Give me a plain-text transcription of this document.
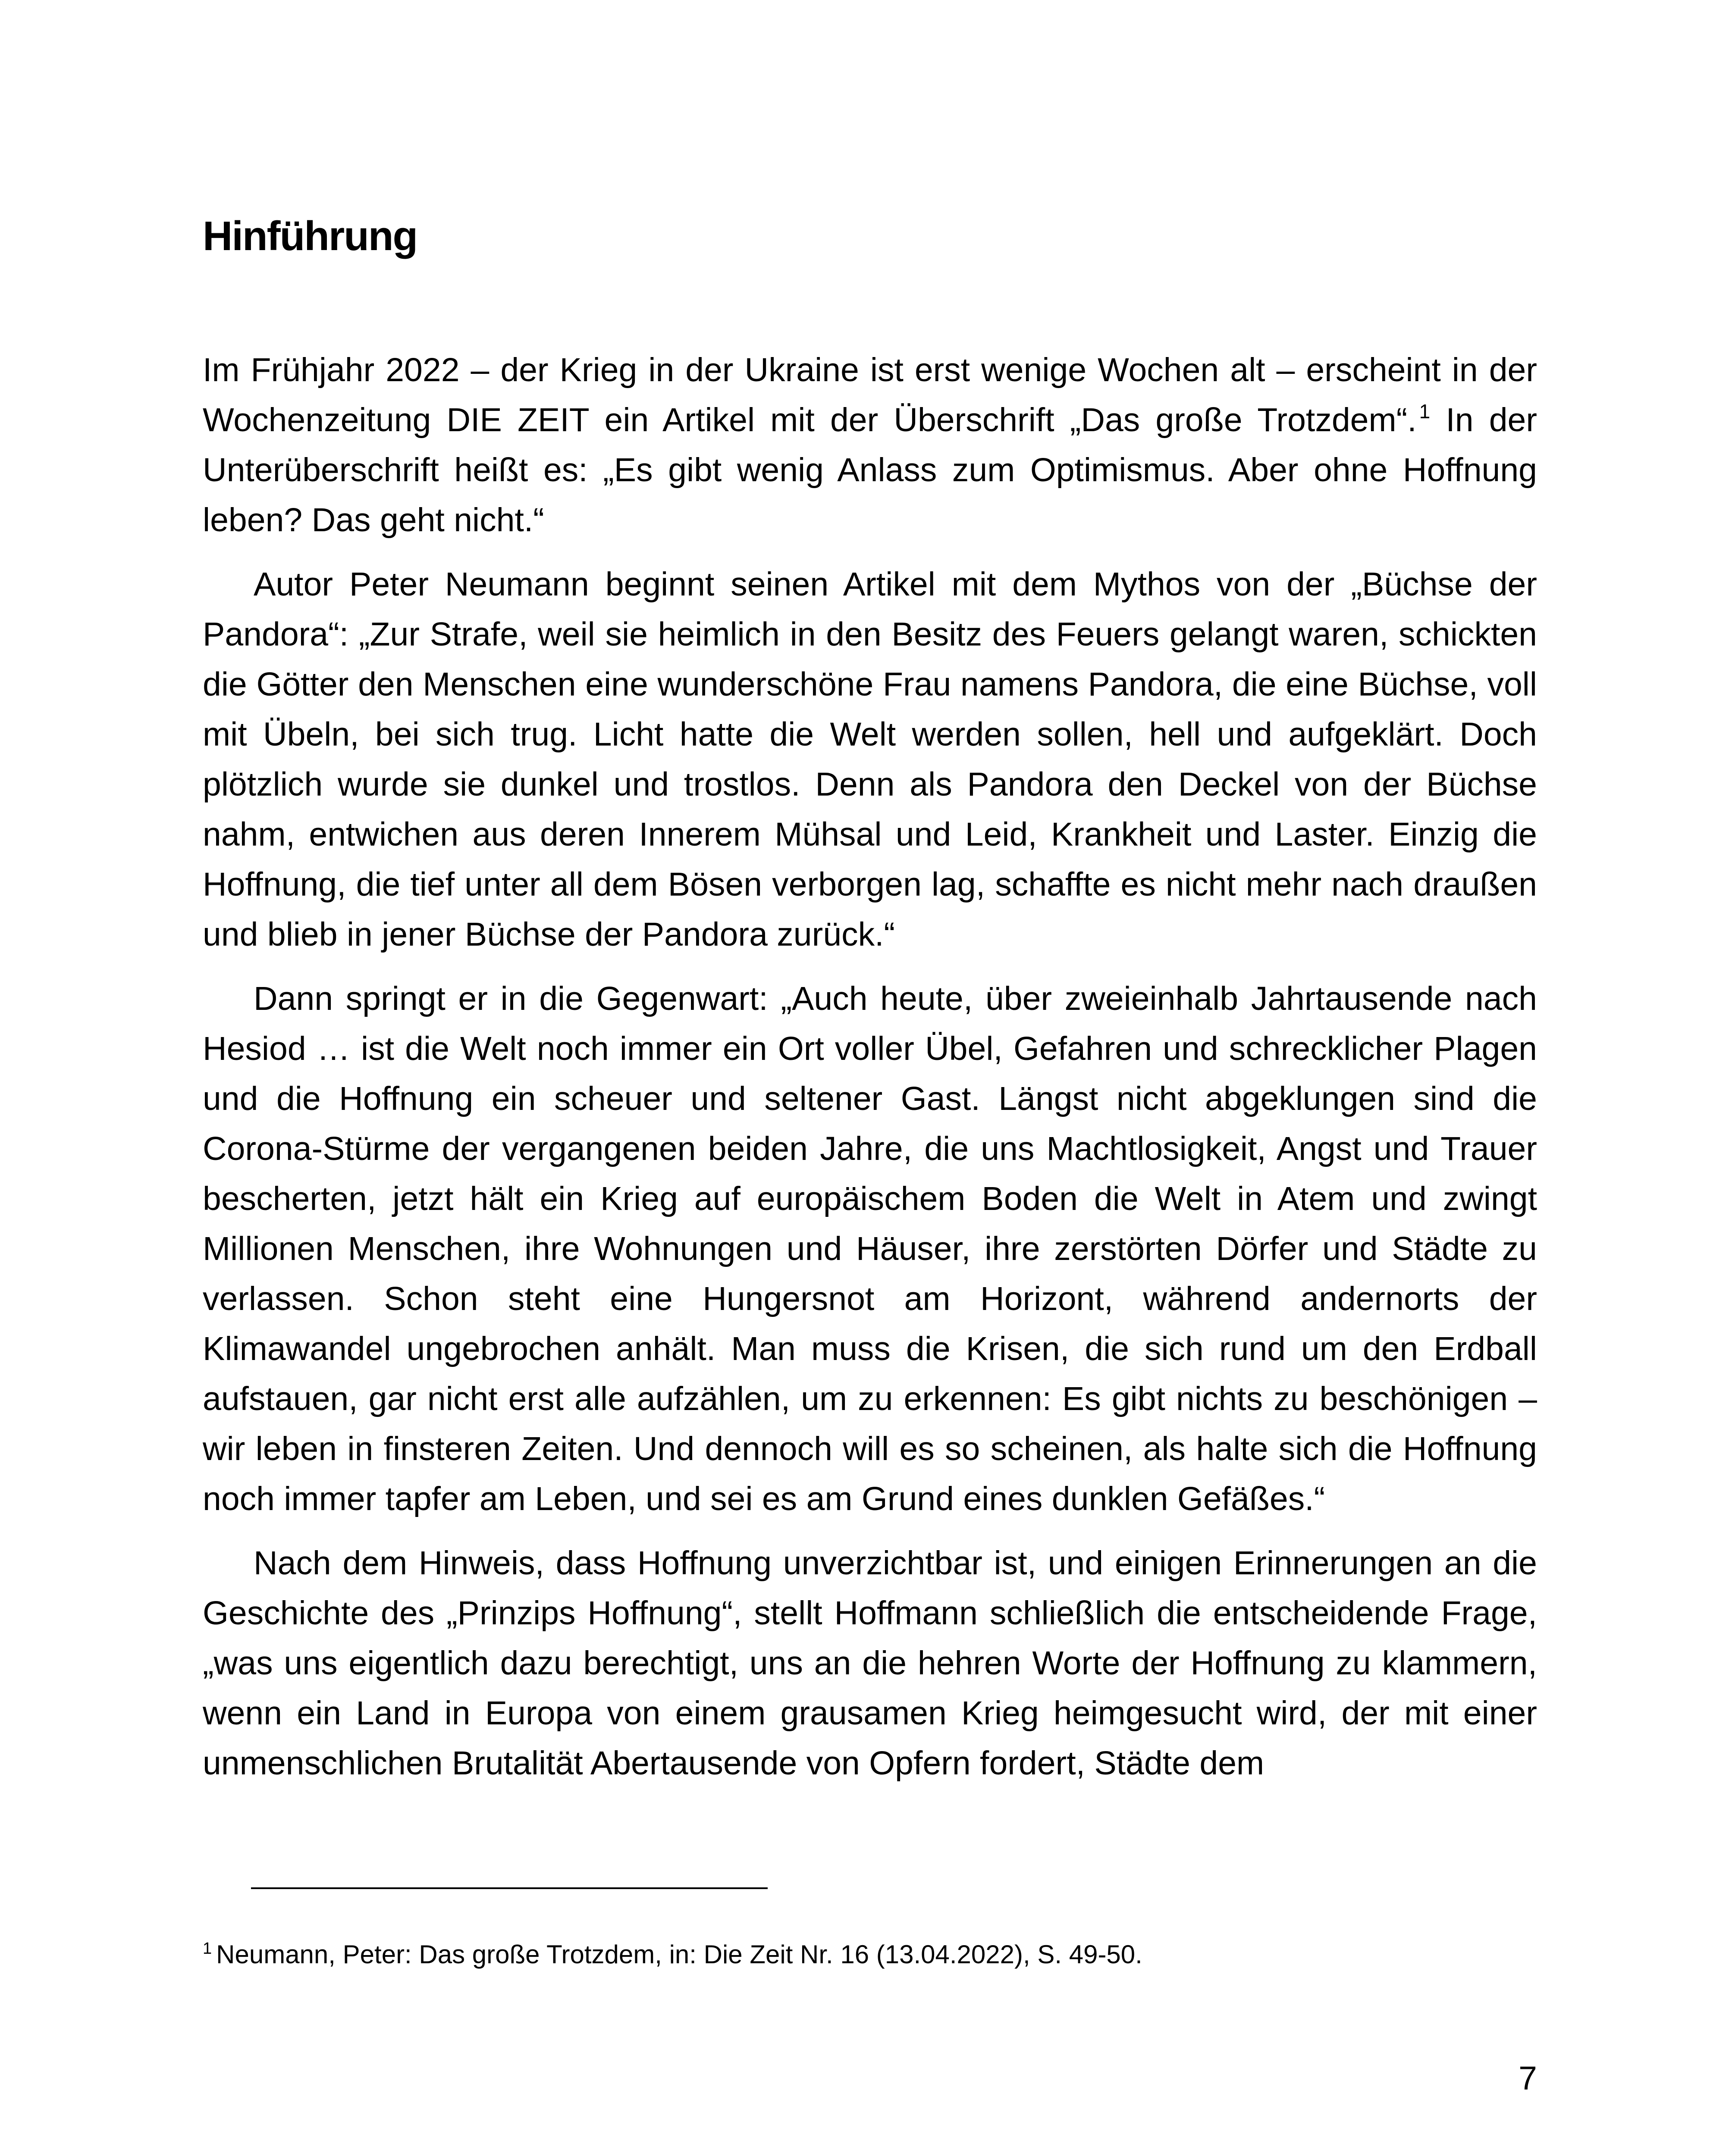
Hinführung

Im Frühjahr 2022 – der Krieg in der Ukraine ist erst wenige Wochen alt – erscheint in der Wochenzeitung DIE ZEIT ein Artikel mit der Überschrift „Das große Trotzdem“. $^1$ In der Unterüberschrift heißt es: „Es gibt wenig Anlass zum Optimismus. Aber ohne Hoffnung leben? Das geht nicht.“

Autor Peter Neumann beginnt seinen Artikel mit dem Mythos von der „Büchse der Pandora“: „Zur Strafe, weil sie heimlich in den Besitz des Feuers gelangt waren, schickten die Götter den Menschen eine wunderschöne Frau namens Pandora, die eine Büchse, voll mit Übeln, bei sich trug. Licht hatte die Welt werden sollen, hell und aufgeklärt. Doch plötzlich wurde sie dunkel und trostlos. Denn als Pandora den Deckel von der Büchse nahm, entwichen aus deren Innerem Mühsal und Leid, Krankheit und Laster. Einzig die Hoffnung, die tief unter all dem Bösen verborgen lag, schaffte es nicht mehr nach draußen und blieb in jener Büchse der Pandora zurück.“

Dann springt er in die Gegenwart: „Auch heute, über zweieinhalb Jahrtausende nach Hesiod … ist die Welt noch immer ein Ort voller Übel, Gefahren und schrecklicher Plagen und die Hoffnung ein scheuer und seltener Gast. Längst nicht abgeklungen sind die Corona-Stürme der vergangenen beiden Jahre, die uns Machtlosigkeit, Angst und Trauer bescherten, jetzt hält ein Krieg auf europäischem Boden die Welt in Atem und zwingt Millionen Menschen, ihre Wohnungen und Häuser, ihre zerstörten Dörfer und Städte zu verlassen. Schon steht eine Hungersnot am Horizont, während andernorts der Klimawandel ungebrochen anhält. Man muss die Krisen, die sich rund um den Erdball aufstauen, gar nicht erst alle aufzählen, um zu erkennen: Es gibt nichts zu beschönigen – wir leben in finsteren Zeiten. Und dennoch will es so scheinen, als halte sich die Hoffnung noch immer tapfer am Leben, und sei es am Grund eines dunklen Gefäßes.“

Nach dem Hinweis, dass Hoffnung unverzichtbar ist, und einigen Erinnerungen an die Geschichte des „Prinzips Hoffnung“, stellt Hoffmann schließlich die entscheidende Frage, „was uns eigentlich dazu berechtigt, uns an die hehren Worte der Hoffnung zu klammern, wenn ein Land in Europa von einem grausamen Krieg heimgesucht wird, der mit einer unmenschlichen Brutalität Abertausende von Opfern fordert, Städte dem

$^1$ Neumann, Peter: Das große Trotzdem, in: Die Zeit Nr. 16 (13.04.2022), S. 49-50.

7
